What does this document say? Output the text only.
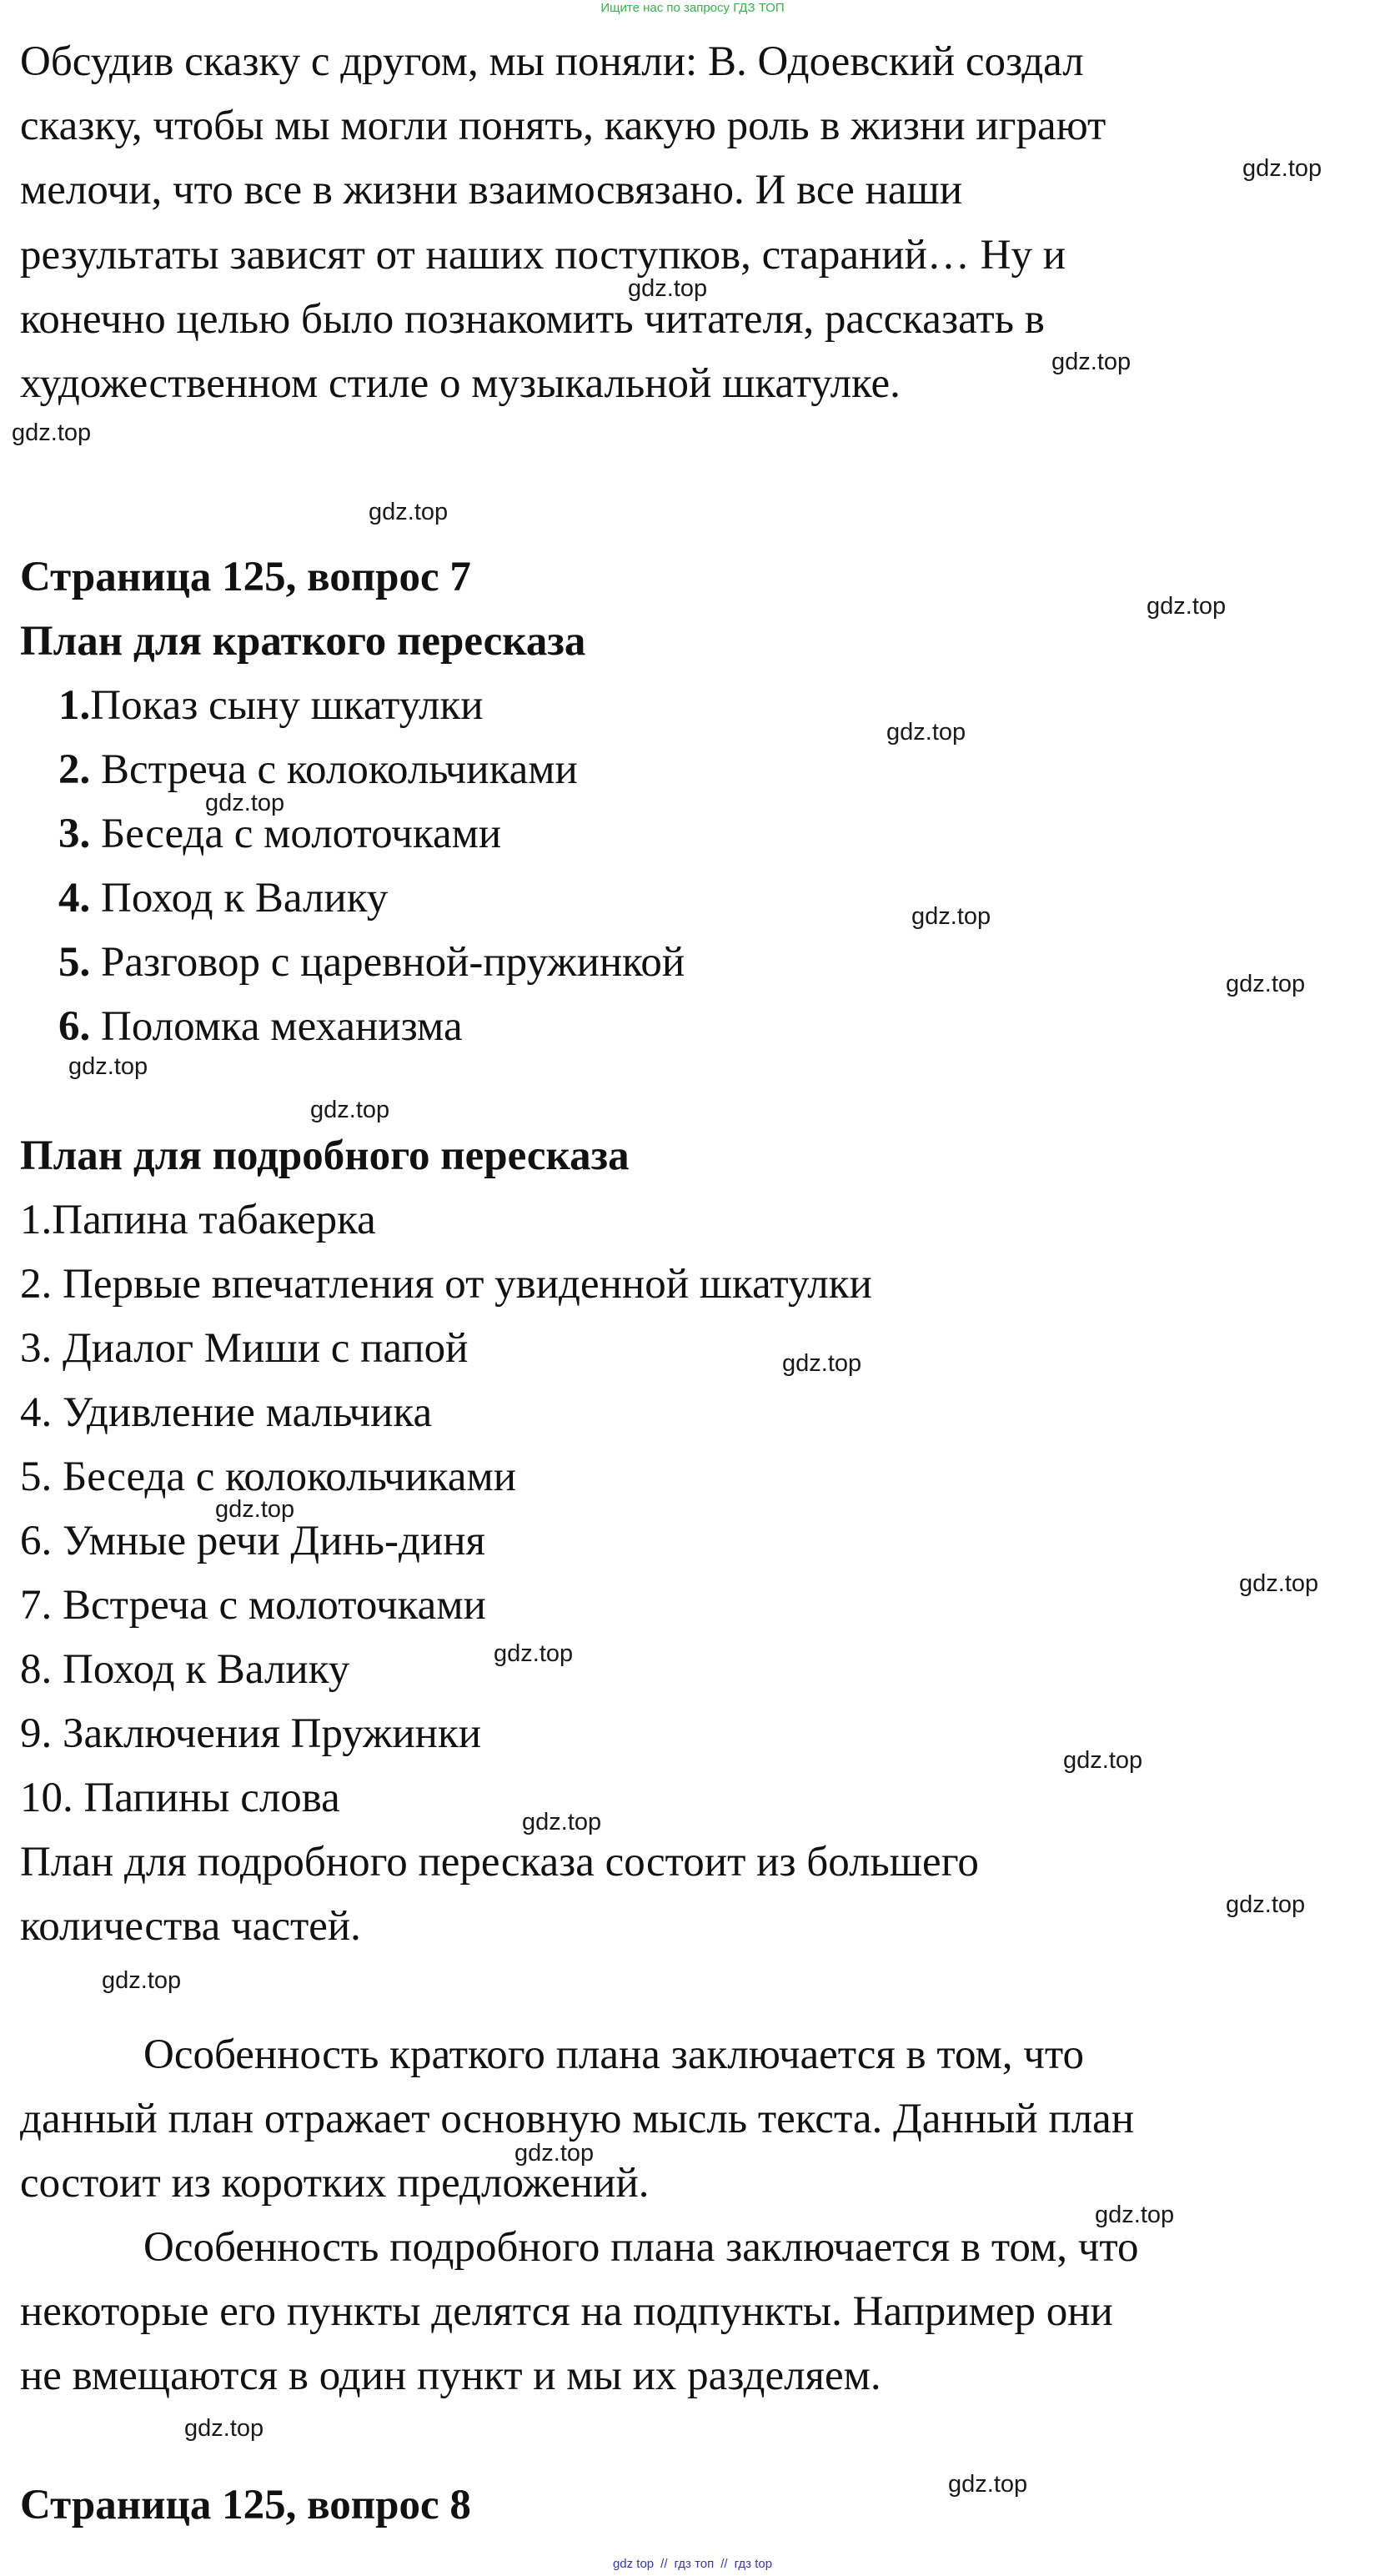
Ищите нас по запросу ГДЗ ТОП
Обсудив сказку с другом, мы поняли: В. Одоевский создал
сказку, чтобы мы могли понять, какую роль в жизни играют
мелочи, что все в жизни взаимосвязано. И все наши
результаты зависят от наших поступков, стараний… Ну и
конечно целью было познакомить читателя, рассказать в
художественном стиле о музыкальной шкатулке.
Страница 125, вопрос 7
План для краткого пересказа
1.Показ сыну шкатулки
2. Встреча с колокольчиками
3. Беседа с молоточками
4. Поход к Валику
5. Разговор с царевной-пружинкой
6. Поломка механизма
План для подробного пересказа
1.Папина табакерка
2. Первые впечатления от увиденной шкатулки
3. Диалог Миши с папой
4. Удивление мальчика
5. Беседа с колокольчиками
6. Умные речи Динь-диня
7. Встреча с молоточками
8. Поход к Валику
9. Заключения Пружинки
10. Папины слова
План для подробного пересказа состоит из большего
количества частей.
Особенность краткого плана заключается в том, что
данный план отражает основную мысль текста. Данный план
состоит из коротких предложений.
Особенность подробного плана заключается в том, что
некоторые его пункты делятся на подпункты. Например они
не вмещаются в один пункт и мы их разделяем.
Страница 125, вопрос 8
gdz.top
gdz.top
gdz.top
gdz.top
gdz.top
gdz.top
gdz.top
gdz.top
gdz.top
gdz.top
gdz.top
gdz.top
gdz.top
gdz.top
gdz.top
gdz.top
gdz.top
gdz.top
gdz.top
gdz.top
gdz.top
gdz.top
gdz.top
gdz.top
gdz top // гдз топ // гдз top
